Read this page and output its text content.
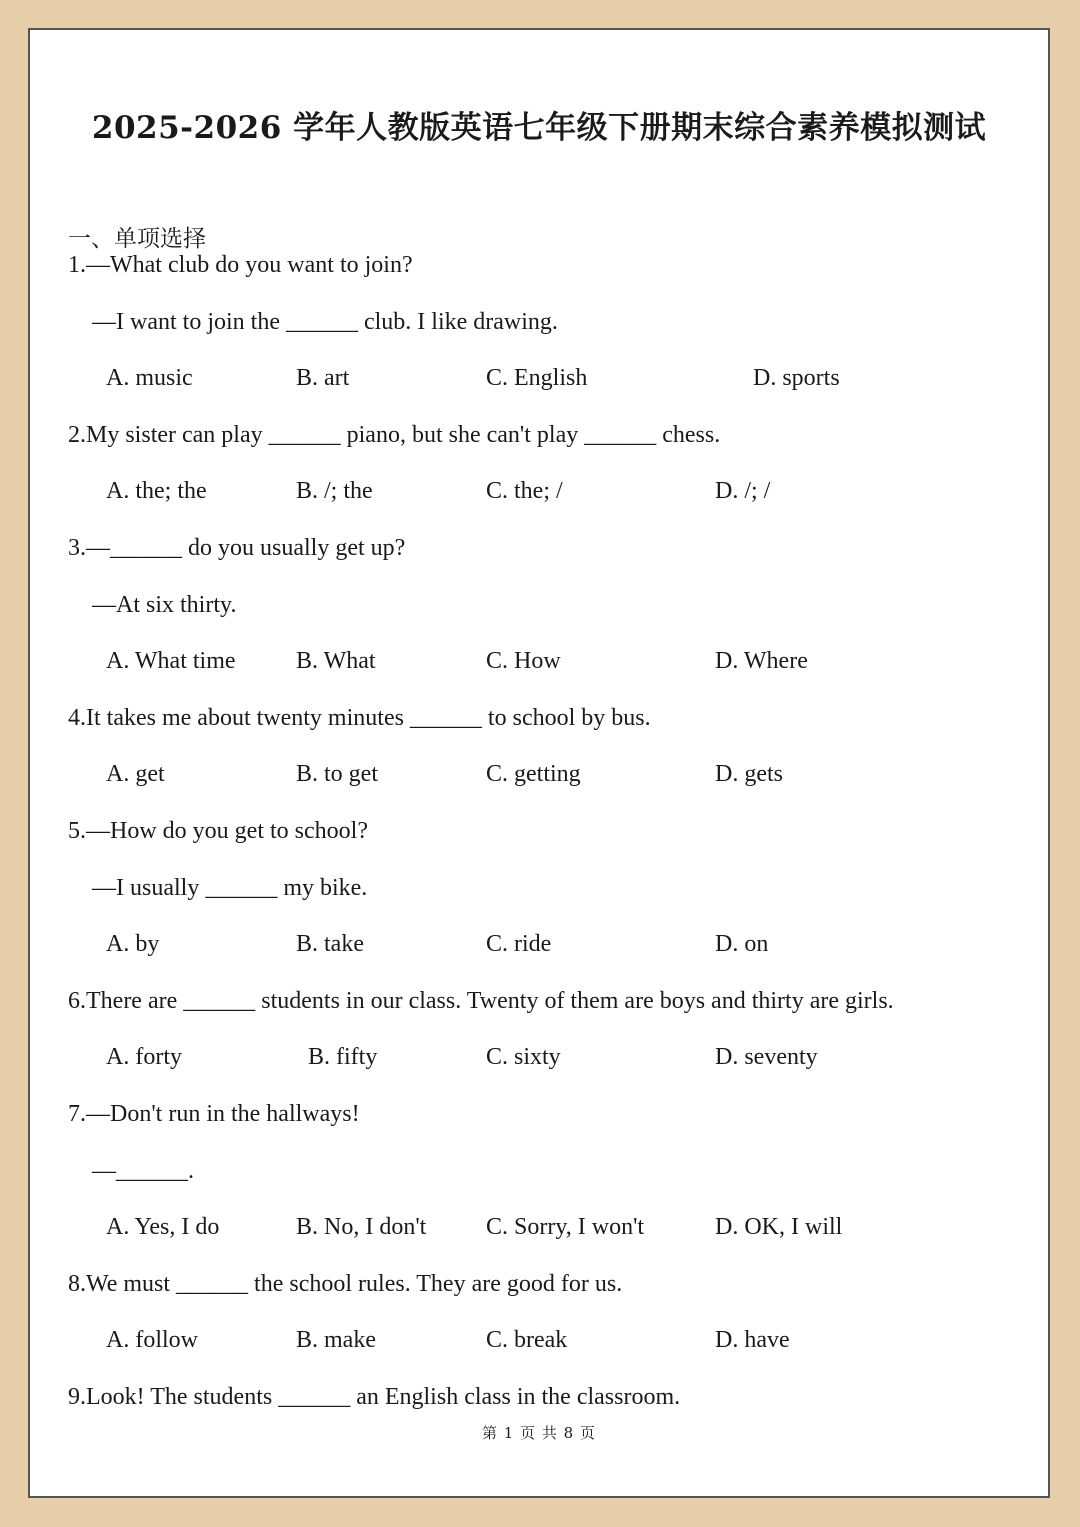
2025-2026 学年人教版英语七年级下册期末综合素养模拟测试
一、单项选择
1.—What club do you want to join?
—I want to join the ______ club. I like drawing.
A. music	B. art	C. English	D. sports
2.My sister can play ______ piano, but she can't play ______ chess.
A. the; the	B. /; the	C. the; /	D. /; /
3.—______ do you usually get up?
—At six thirty.
A. What time	B. What	C. How	D. Where
4.It takes me about twenty minutes ______ to school by bus.
A. get	B. to get	C. getting	D. gets
5.—How do you get to school?
—I usually ______ my bike.
A. by	B. take	C. ride	D. on
6.There are ______ students in our class. Twenty of them are boys and thirty are girls.
A. forty	B. fifty	C. sixty	D. seventy
7.—Don't run in the hallways!
—______.
A. Yes, I do	B. No, I don't C. Sorry, I won't	D. OK, I will
8.We must ______ the school rules. They are good for us.
A. follow	B. make	C. break	D. have
9.Look! The students ______ an English class in the classroom.
第 1 页 共 8 页
